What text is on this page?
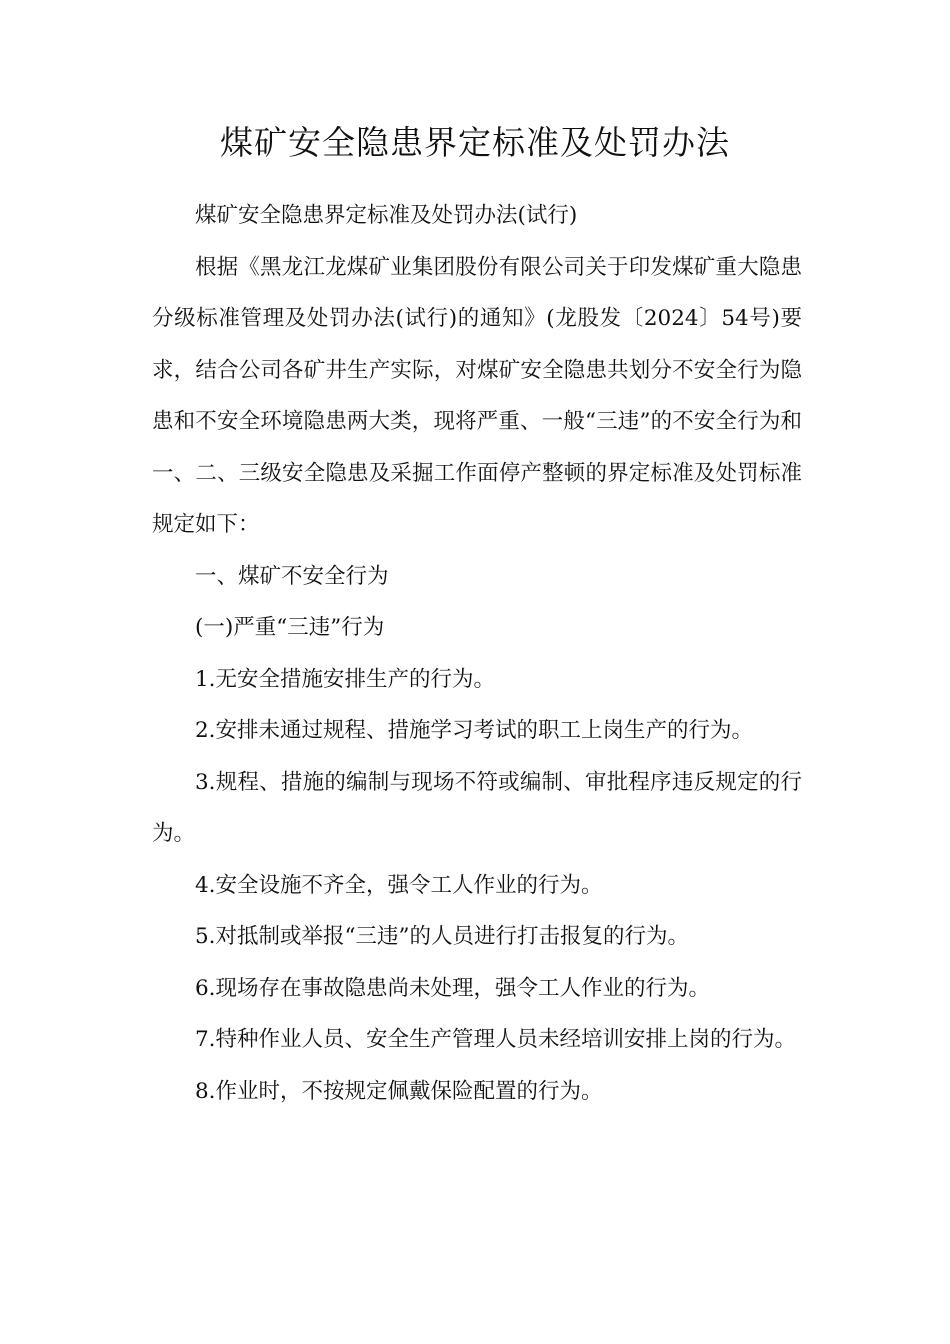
煤矿安全隐患界定标准及处罚办法

煤矿安全隐患界定标准及处罚办法(试行)

根据《黑龙江龙煤矿业集团股份有限公司关于印发煤矿重大隐患分级标准管理及处罚办法(试行)的通知》(龙股发〔2024〕54号)要求，结合公司各矿井生产实际，对煤矿安全隐患共划分不安全行为隐患和不安全环境隐患两大类，现将严重、一般“三违”的不安全行为和一、二、三级安全隐患及采掘工作面停产整顿的界定标准及处罚标准规定如下：

一、煤矿不安全行为

(一)严重“三违”行为

1.无安全措施安排生产的行为。

2.安排未通过规程、措施学习考试的职工上岗生产的行为。

3.规程、措施的编制与现场不符或编制、审批程序违反规定的行为。

4.安全设施不齐全，强令工人作业的行为。

5.对抵制或举报“三违”的人员进行打击报复的行为。

6.现场存在事故隐患尚未处理，强令工人作业的行为。

7.特种作业人员、安全生产管理人员未经培训安排上岗的行为。

8.作业时，不按规定佩戴保险配置的行为。
